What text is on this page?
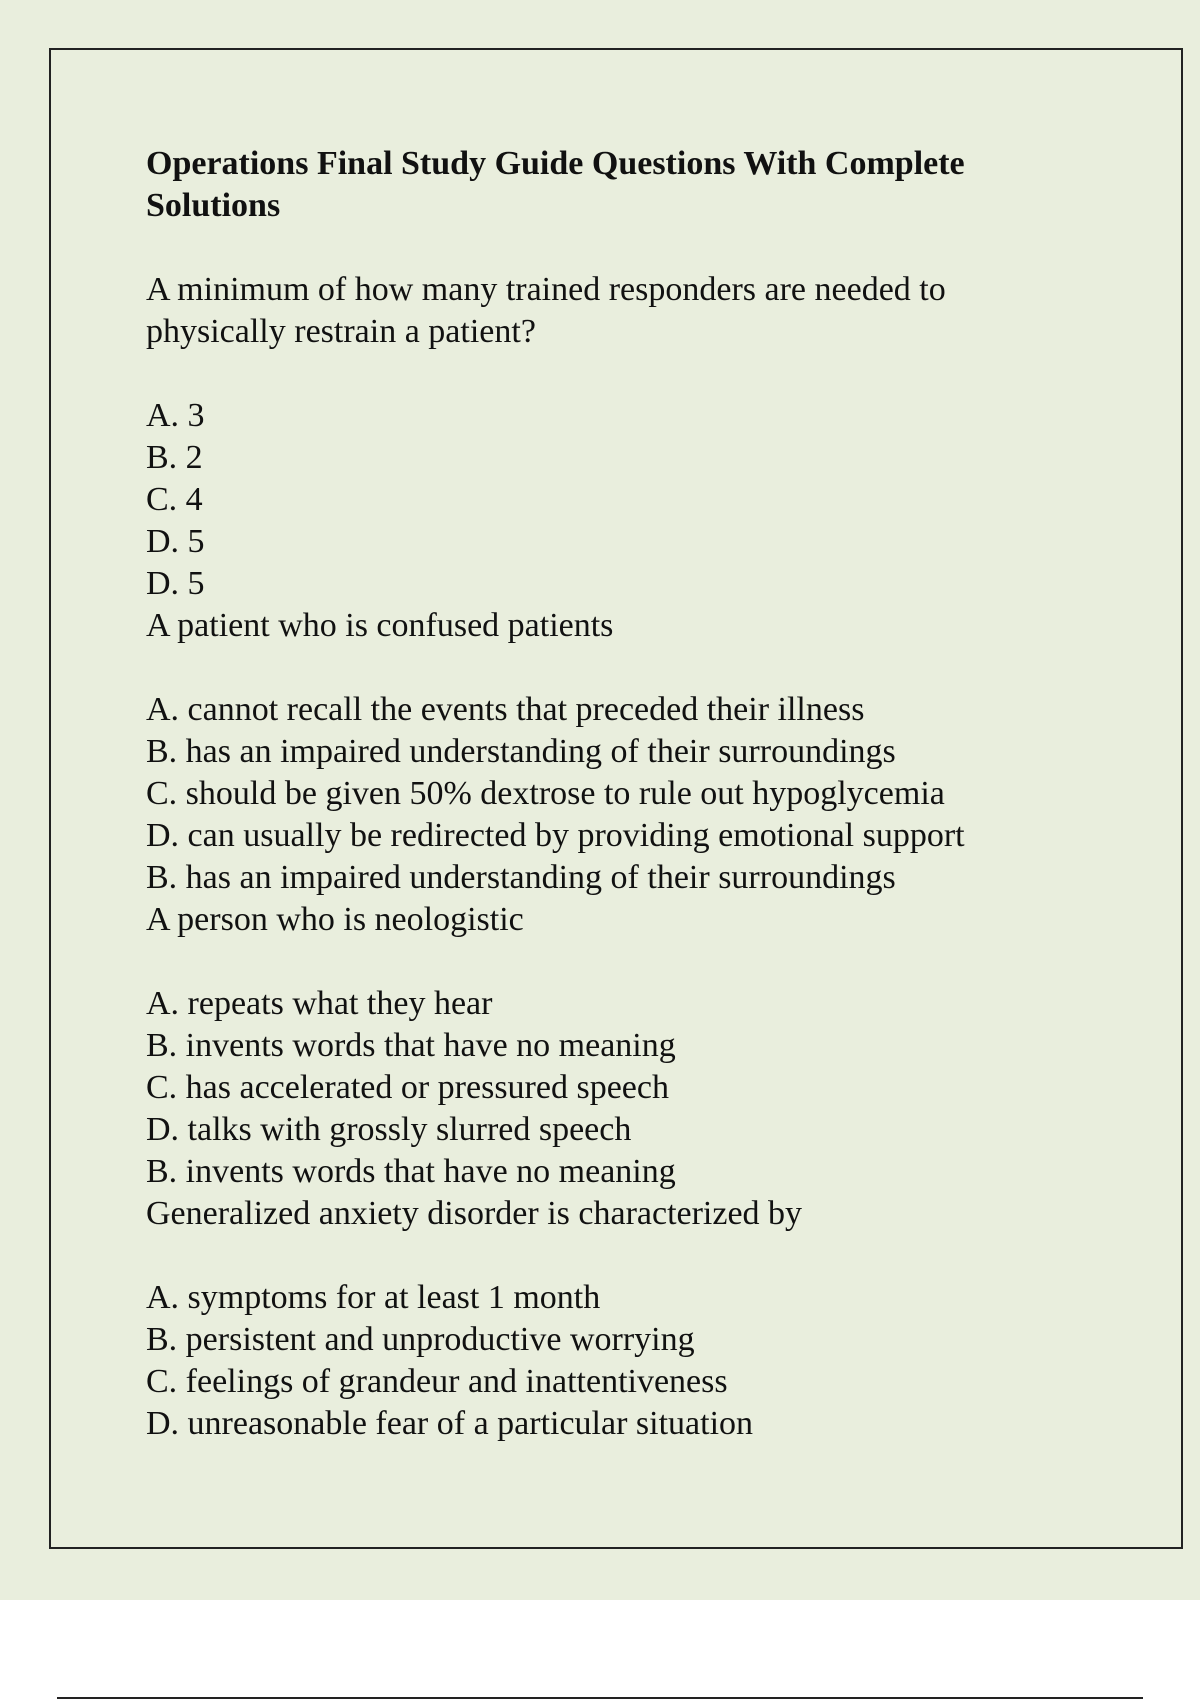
Operations Final Study Guide Questions With Complete
Solutions
A minimum of how many trained responders are needed to
physically restrain a patient?
A. 3
B. 2
C. 4
D. 5
D. 5
A patient who is confused patients
A. cannot recall the events that preceded their illness
B. has an impaired understanding of their surroundings
C. should be given 50% dextrose to rule out hypoglycemia
D. can usually be redirected by providing emotional support
B. has an impaired understanding of their surroundings
A person who is neologistic
A. repeats what they hear
B. invents words that have no meaning
C. has accelerated or pressured speech
D. talks with grossly slurred speech
B. invents words that have no meaning
Generalized anxiety disorder is characterized by
A. symptoms for at least 1 month
B. persistent and unproductive worrying
C. feelings of grandeur and inattentiveness
D. unreasonable fear of a particular situation
